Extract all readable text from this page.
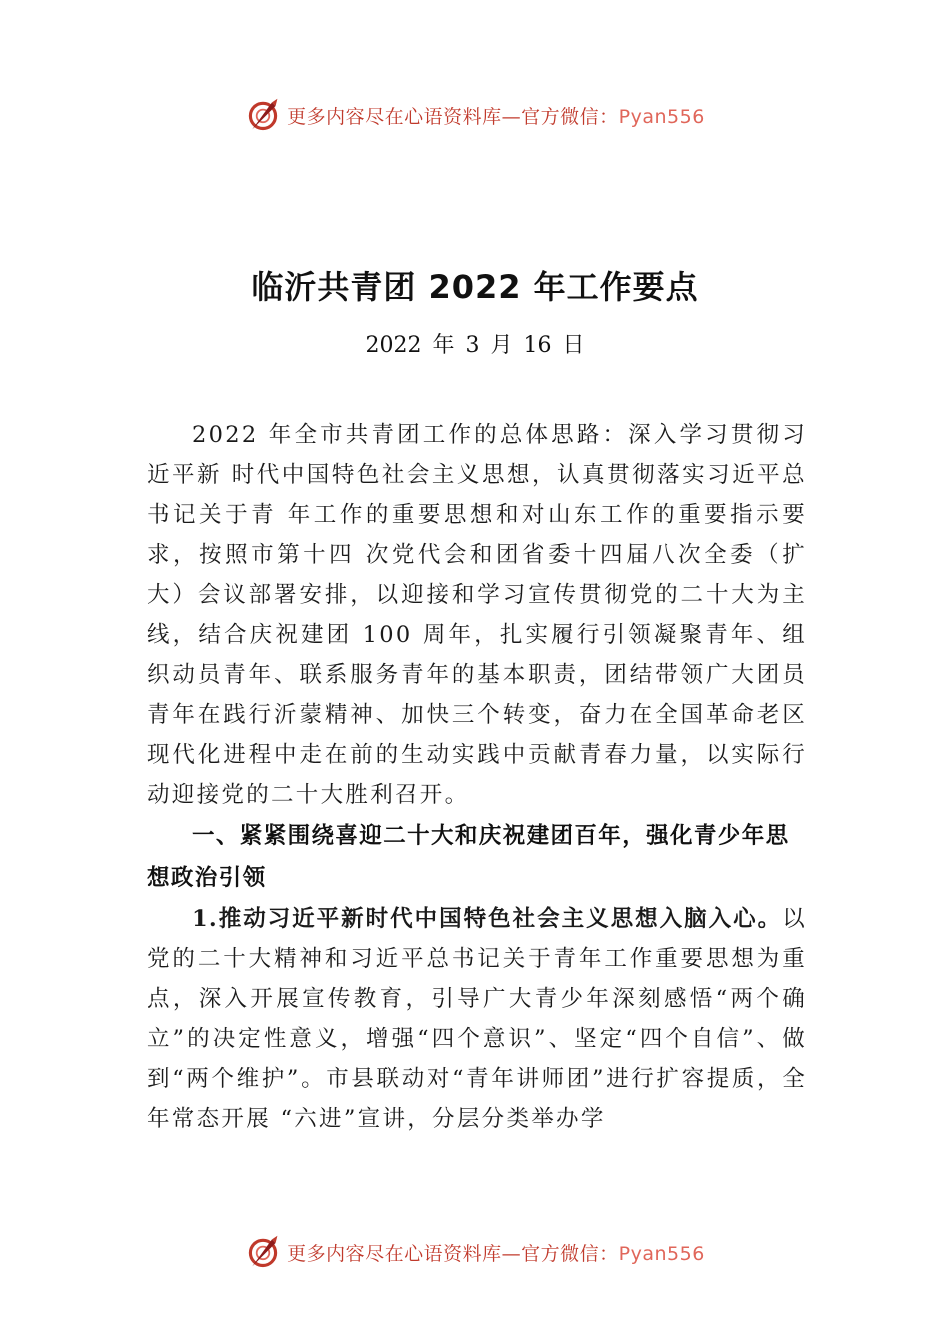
更多内容尽在心语资料库—官方微信：Pyan556
临沂共青团 2022 年工作要点

2022 年 3 月 16 日

2022 年全市共青团工作的总体思路：深入学习贯彻习近平新 时代中国特色社会主义思想，认真贯彻落实习近平总书记关于青 年工作的重要思想和对山东工作的重要指示要求，按照市第十四 次党代会和团省委十四届八次全委（扩大）会议部署安排，以迎接和学习宣传贯彻党的二十大为主线，结合庆祝建团 100 周年，扎实履行引领凝聚青年、组织动员青年、联系服务青年的基本职责，团结带领广大团员青年在践行沂蒙精神、加快三个转变，奋力在全国革命老区现代化进程中走在前的生动实践中贡献青春力量，以实际行动迎接党的二十大胜利召开。

一、紧紧围绕喜迎二十大和庆祝建团百年，强化青少年思想政治引领

1.推动习近平新时代中国特色社会主义思想入脑入心。以党的二十大精神和习近平总书记关于青年工作重要思想为重点，深入开展宣传教育，引导广大青少年深刻感悟“两个确立”的决定性意义，增强“四个意识”、坚定“四个自信”、做到“两个维护”。市县联动对“青年讲师团”进行扩容提质，全年常态开展 “六进”宣讲，分层分类举办学

更多内容尽在心语资料库—官方微信：Pyan556
